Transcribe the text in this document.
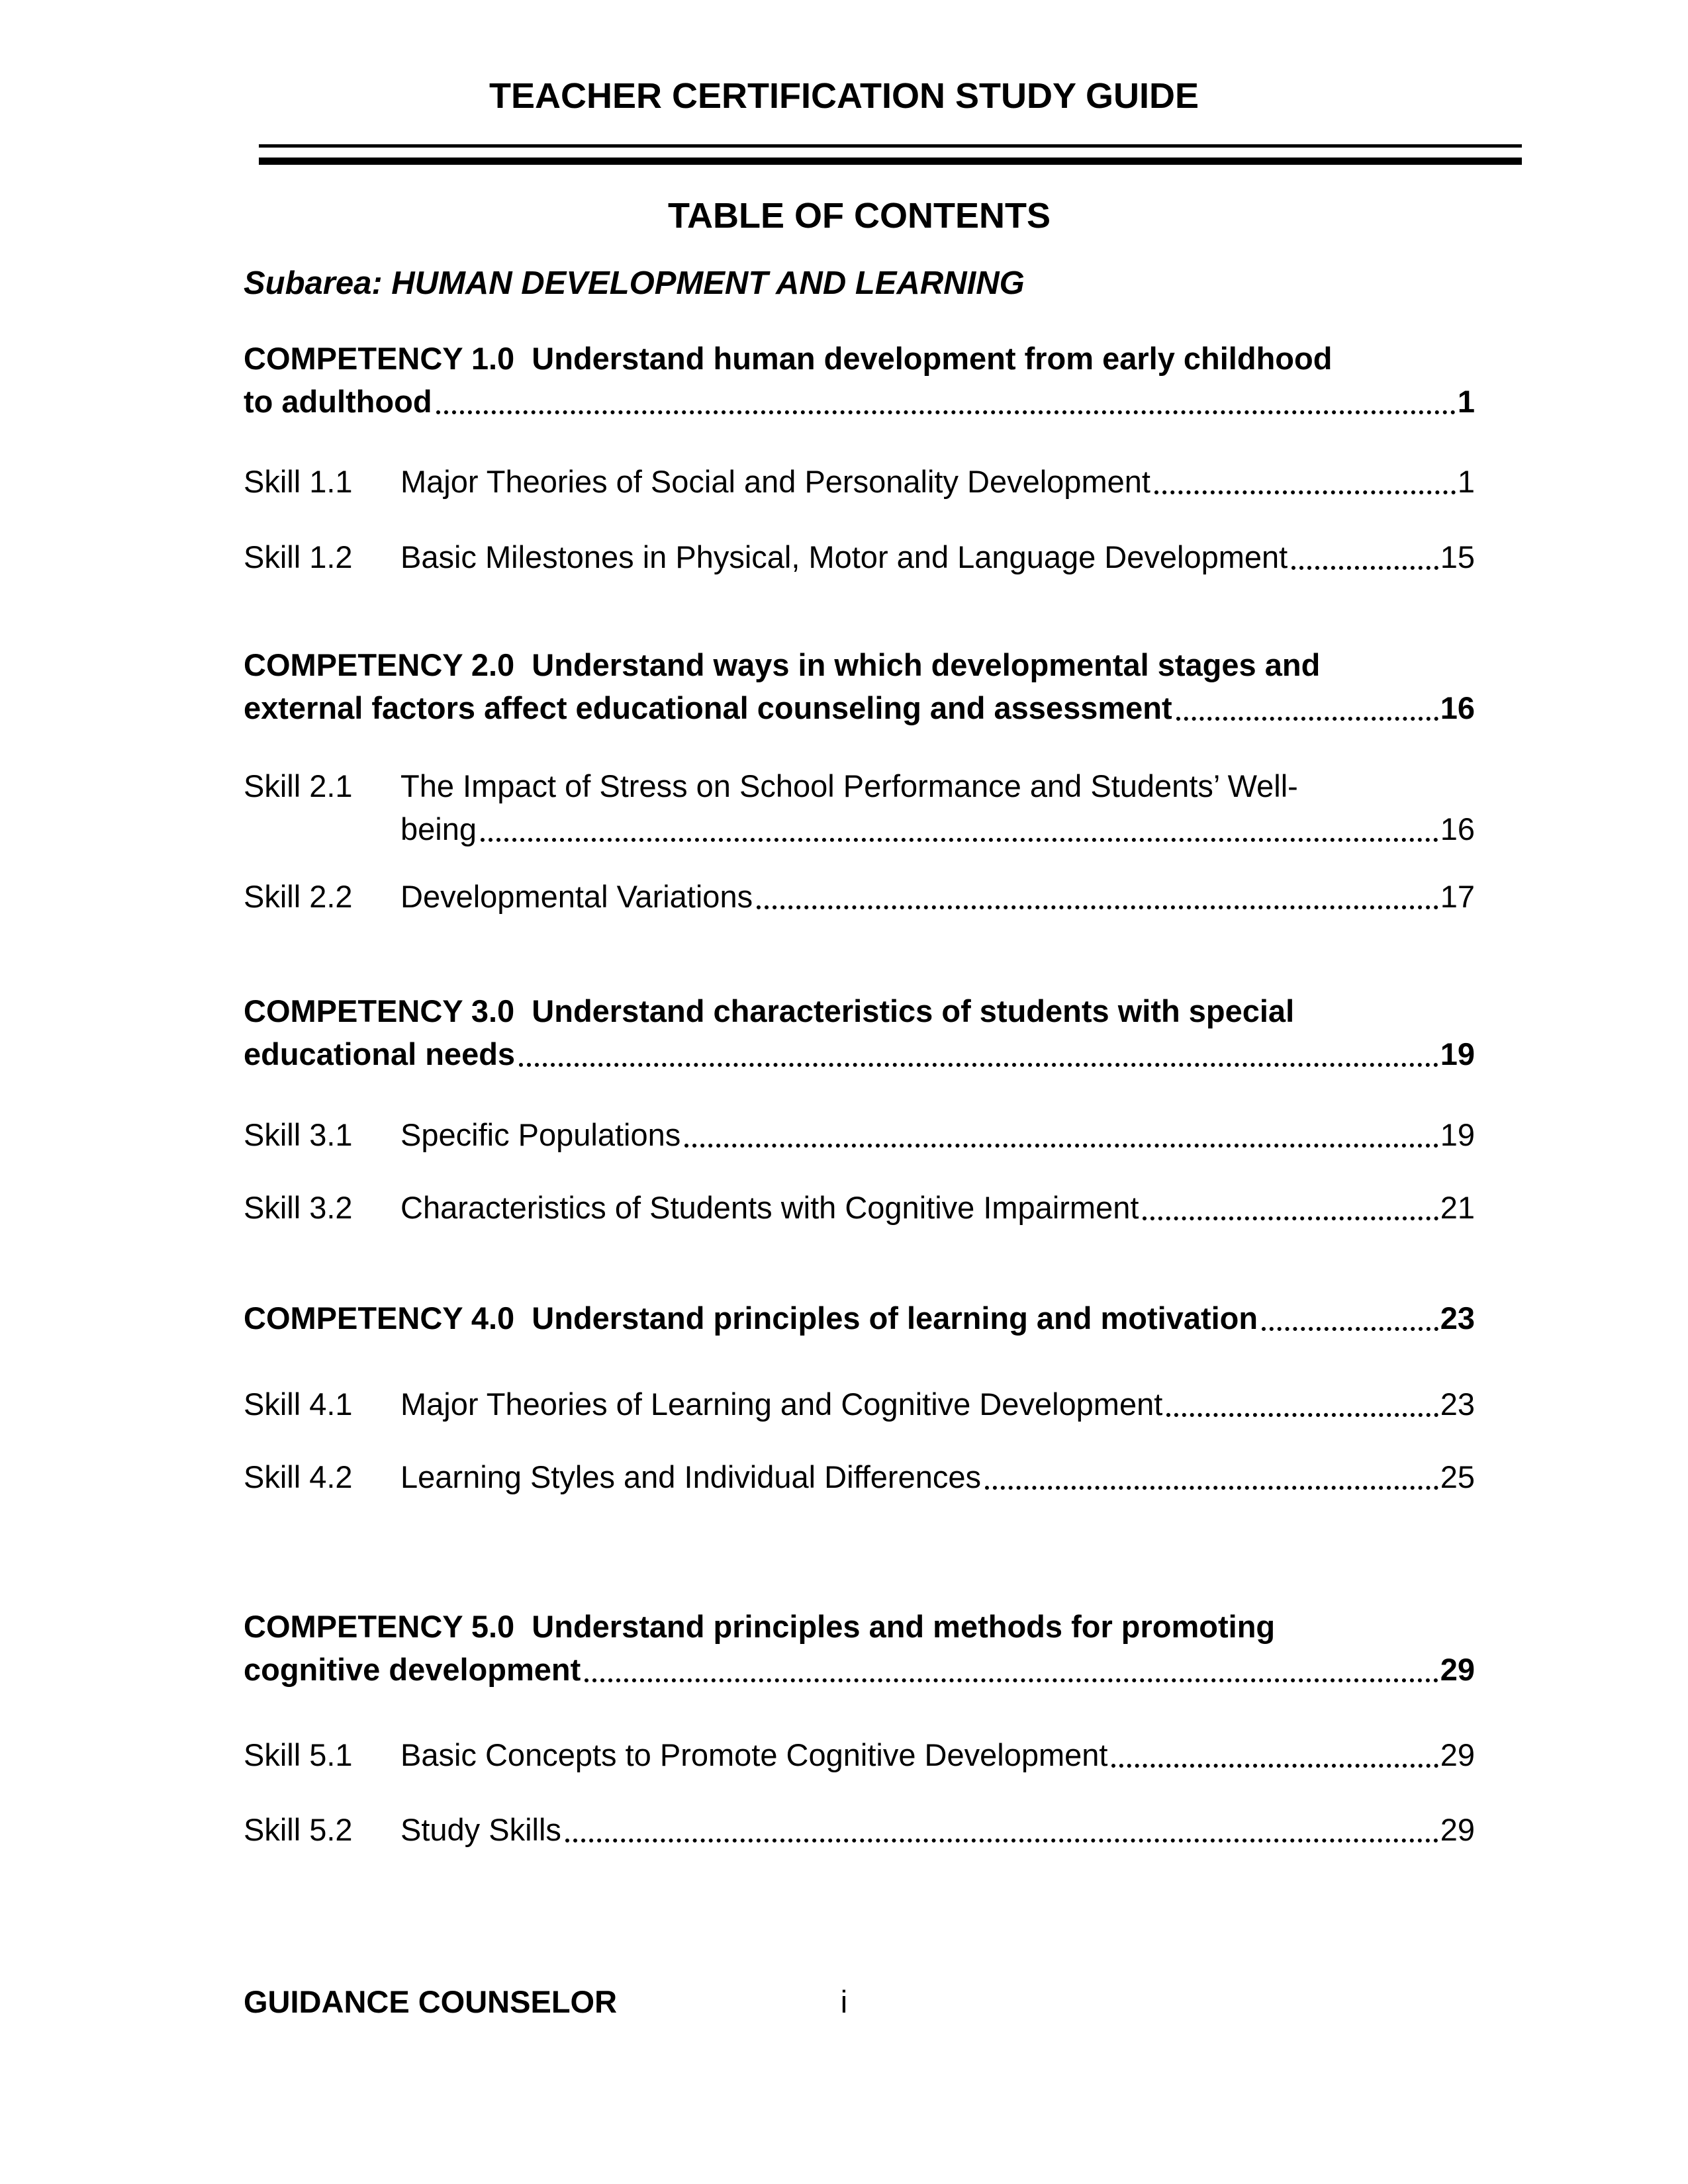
TEACHER CERTIFICATION STUDY GUIDE
TABLE OF CONTENTS
Subarea: HUMAN DEVELOPMENT AND LEARNING
COMPETENCY 1.0  Understand human development from early childhood
to adulthood	1
Skill 1.1	Major Theories of Social and Personality Development	1
Skill 1.2	Basic Milestones in Physical, Motor and Language Development	15
COMPETENCY 2.0  Understand ways in which developmental stages and
external factors affect educational counseling and assessment	16
Skill 2.1	The Impact of Stress on School Performance and Students’ Well-
being	16
Skill 2.2	Developmental Variations	17
COMPETENCY 3.0  Understand characteristics of students with special
educational needs	19
Skill 3.1	Specific Populations	19
Skill 3.2	Characteristics of Students with Cognitive Impairment	21
COMPETENCY 4.0  Understand principles of learning and motivation	23
Skill 4.1	Major Theories of Learning and Cognitive Development	23
Skill 4.2	Learning Styles and Individual Differences	25
COMPETENCY 5.0  Understand principles and methods for promoting
cognitive development	29
Skill 5.1	Basic Concepts to Promote Cognitive Development	29
Skill 5.2	Study Skills	29
GUIDANCE COUNSELOR	i
